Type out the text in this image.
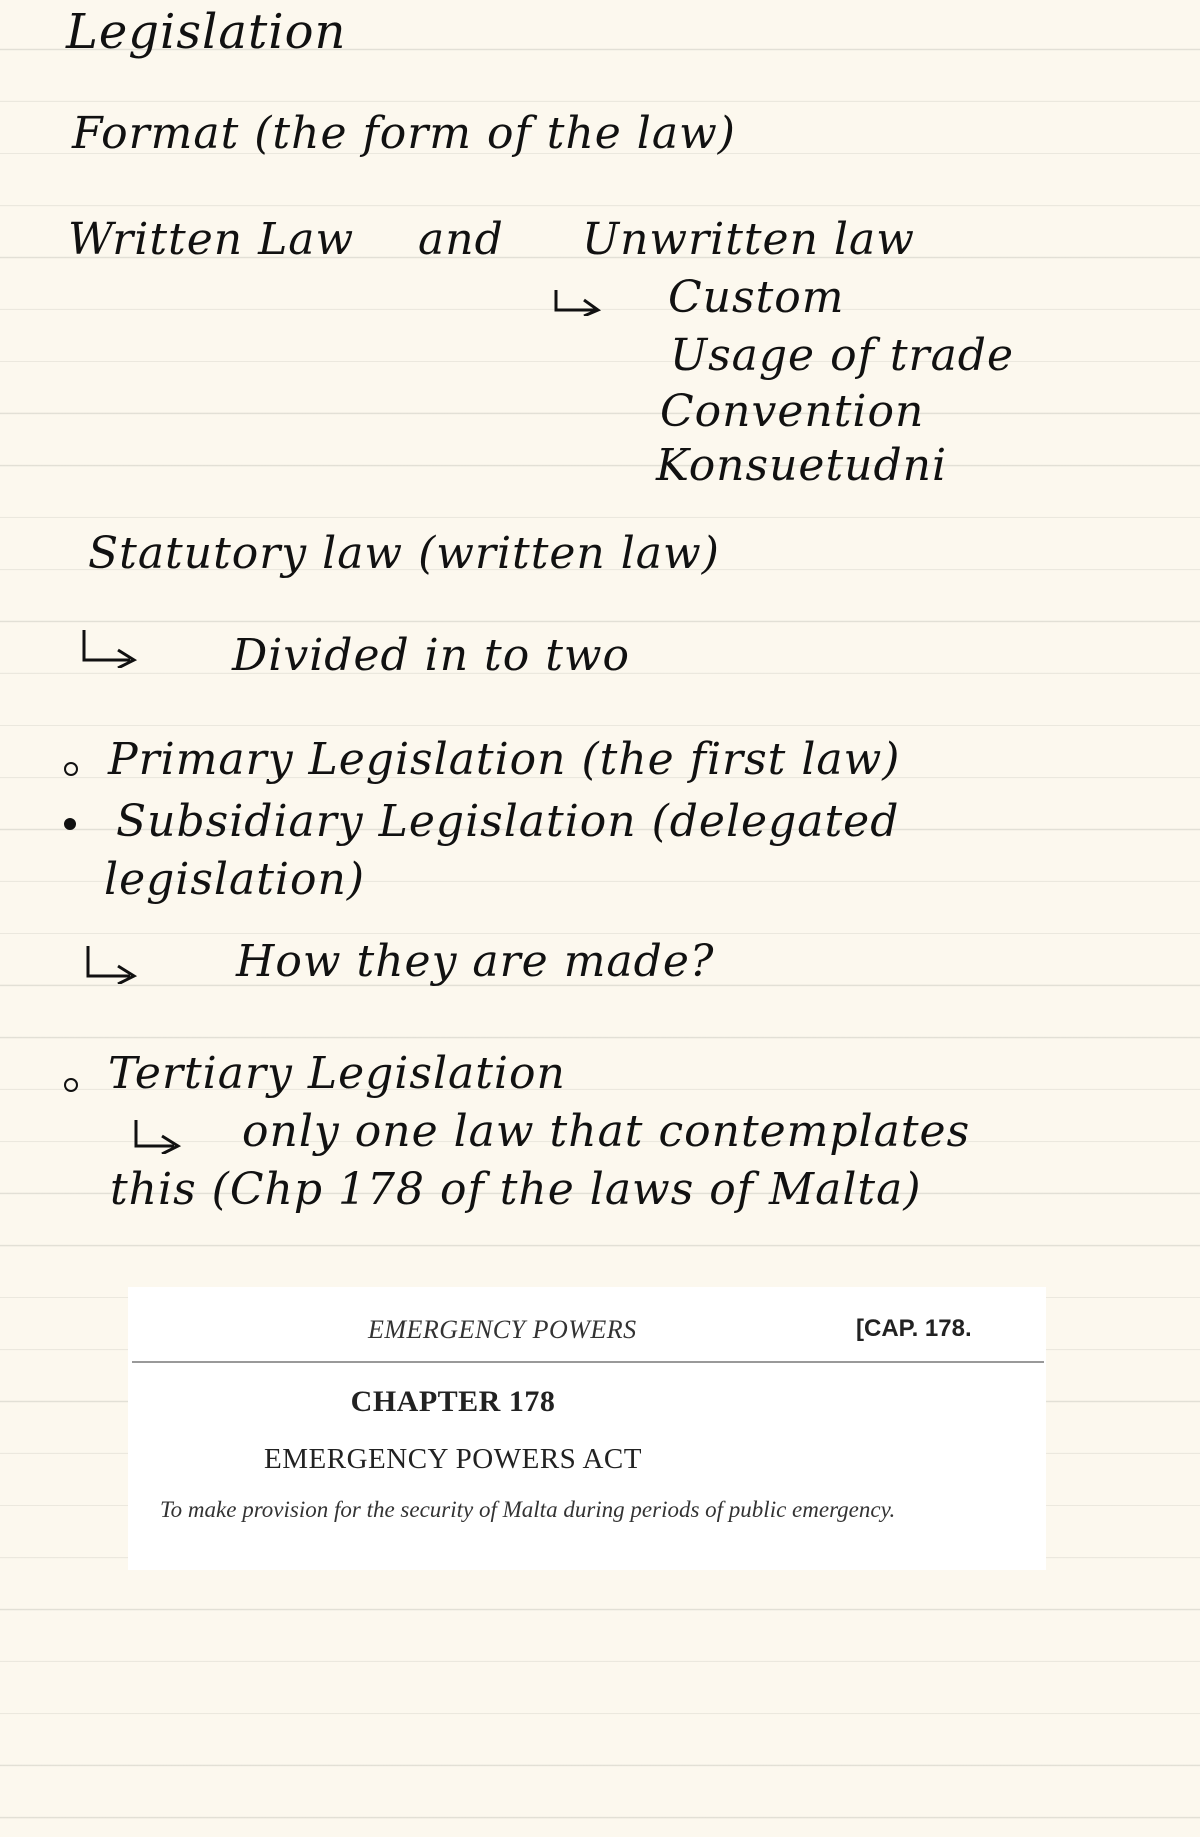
Legislation
Format (the form of the law)
Written Law and Unwritten law
Custom
Usage of trade
Convention
Konsuetudni
Statutory law (written law)
Divided in to two
Primary Legislation (the first law)
Subsidiary Legislation (delegated
legislation)
How they are made?
Tertiary Legislation
only one law that contemplates
this (Chp 178 of the laws of Malta)
EMERGENCY POWERS	[CAP. 178.
CHAPTER 178
EMERGENCY POWERS ACT
To make provision for the security of Malta during periods of public emergency.
